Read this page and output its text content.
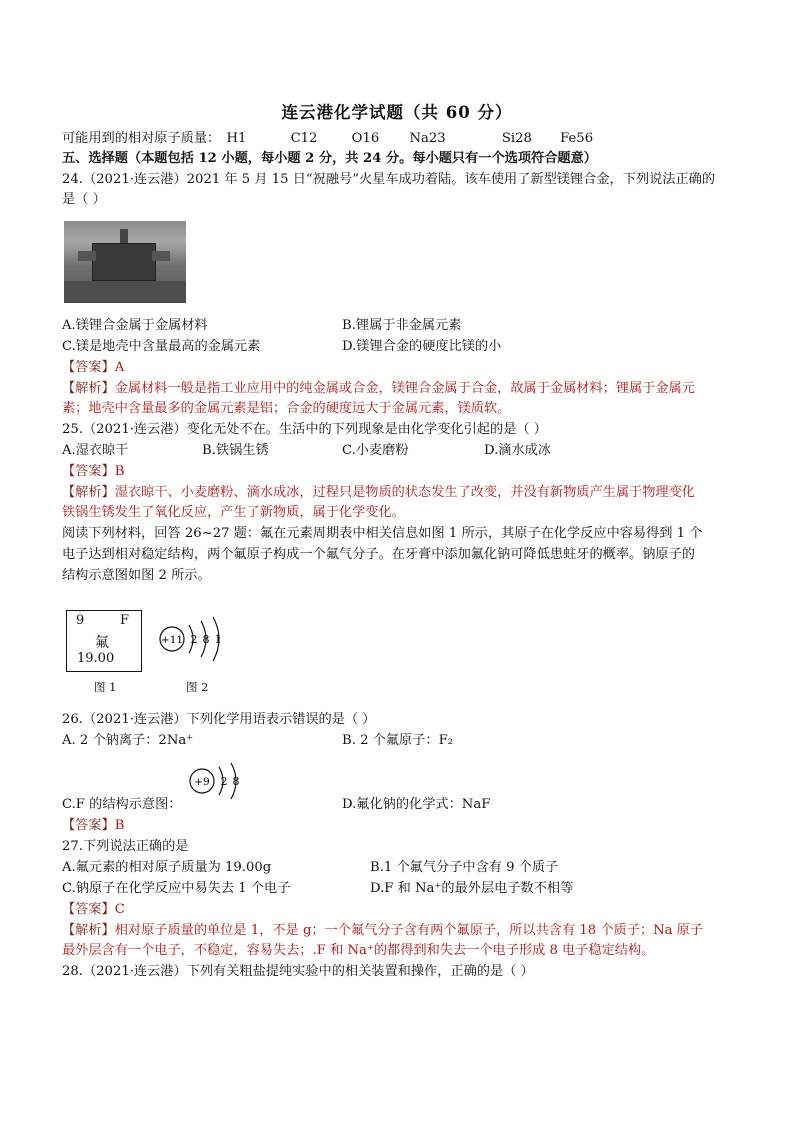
连云港化学试题（共 60 分）
可能用到的相对原子质量： H1	C12	O16 Na23	Si28 Fe56
五、选择题（本题包括 12 小题，每小题 2 分，共 24 分。每小题只有一个选项符合题意）
24.（2021·连云港）2021 年 5 月 15 日“祝融号”火星车成功着陆。该车使用了新型镁锂合金，下列说法正确的
是（ ）
A.镁锂合金属于金属材料	B.锂属于非金属元素
C.镁是地壳中含量最高的金属元素	D.镁锂合金的硬度比镁的小
【答案】A
【解析】金属材料一般是指工业应用中的纯金属或合金，镁锂合金属于合金，故属于金属材料；锂属于金属元
素；地壳中含量最多的金属元素是铝；合金的硬度远大于金属元素，镁质软。
25.（2021·连云港）变化无处不在。生活中的下列现象是由化学变化引起的是（ ）
A.湿衣晾干	B.铁锅生锈	C.小麦磨粉	D.滴水成冰
【答案】B
【解析】湿衣晾干、小麦磨粉、滴水成冰，过程只是物质的状态发生了改变，并没有新物质产生属于物理变化
铁锅生锈发生了氧化反应，产生了新物质，属于化学变化。
阅读下列材料，回答 26~27 题：氟在元素周期表中相关信息如图 1 所示，其原子在化学反应中容易得到 1 个
电子达到相对稳定结构，两个氟原子构成一个氟气分子。在牙膏中添加氟化钠可降低患蛀牙的概率。钠原子的
结构示意图如图 2 所示。
9	F
氟
19.00
图 1
+11 2 8 1
图 2
26.（2021·连云港）下列化学用语表示错误的是（ ）
A. 2 个钠离子：2Na⁺	B. 2 个氟原子：F₂
+9 2 8
C.F 的结构示意图：	D.氟化钠的化学式：NaF
【答案】B
27.下列说法正确的是
A.氟元素的相对原子质量为 19.00g	B.1 个氟气分子中含有 9 个质子
C.钠原子在化学反应中易失去 1 个电子	D.F 和 Na⁺的最外层电子数不相等
【答案】C
【解析】相对原子质量的单位是 1，不是 g；一个氟气分子含有两个氟原子，所以共含有 18 个质子；Na 原子
最外层含有一个电子，不稳定，容易失去；.F 和 Na⁺的都得到和失去一个电子形成 8 电子稳定结构。
28.（2021·连云港）下列有关粗盐提纯实验中的相关装置和操作，正确的是（ ）
